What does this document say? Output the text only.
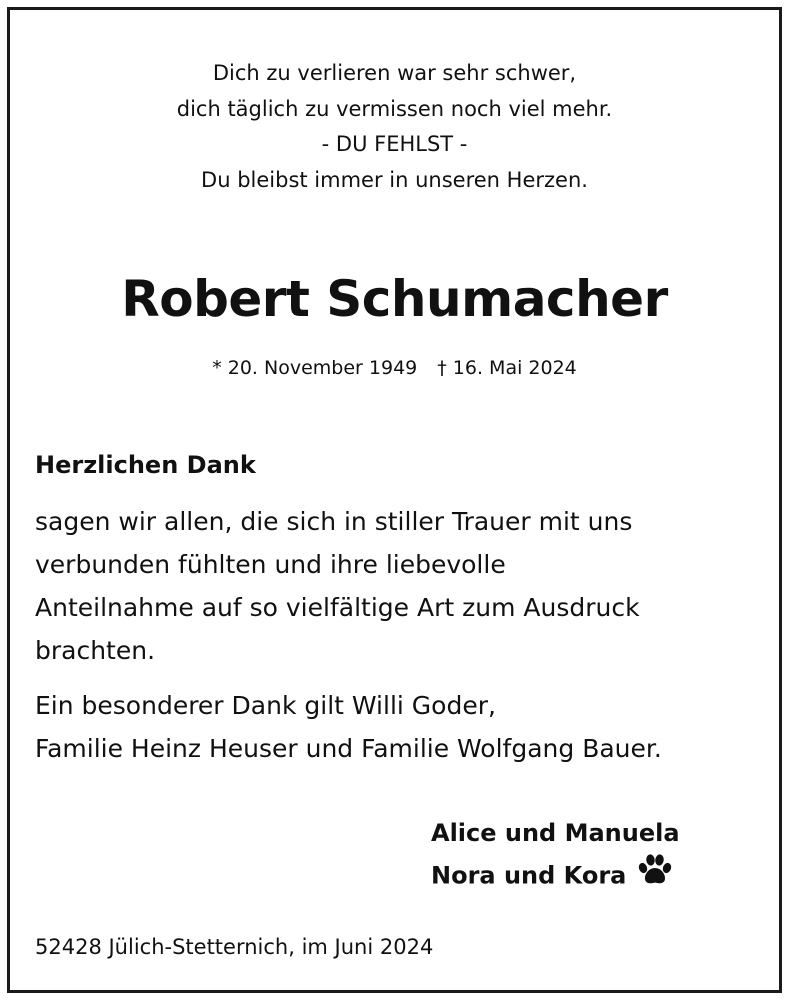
Dich zu verlieren war sehr schwer,
dich täglich zu vermissen noch viel mehr.
- DU FEHLST -
Du bleibst immer in unseren Herzen.
Robert Schumacher
* 20. November 1949 † 16. Mai 2024
Herzlichen Dank
sagen wir allen, die sich in stiller Trauer mit uns
verbunden fühlten und ihre liebevolle
Anteilnahme auf so vielfältige Art zum Ausdruck
brachten.
Ein besonderer Dank gilt Willi Goder,
Familie Heinz Heuser und Familie Wolfgang Bauer.
Alice und Manuela
Nora und Kora
52428 Jülich-Stetternich, im Juni 2024
